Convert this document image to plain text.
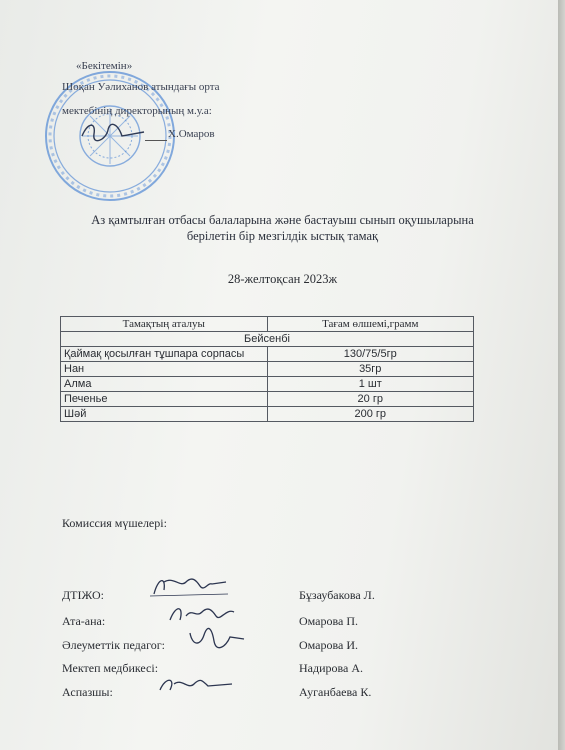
«Бекітемін»
Шоқан Уәлиханов атындағы орта
мектебінің директорының м.у.а:
Х.Омаров
Аз қамтылған отбасы балаларына және бастауыш сынып оқушыларына
берілетін бір мезгілдік ыстық тамақ
28-желтоқсан 2023ж
Тамақтың аталуы	Тағам өлшемі,грамм
Бейсенбі	
Қаймақ қосылған тұшпара сорпасы	130/75/5гр
Нан	35гр
Алма	1 шт
Печенье	20 гр
Шәй	200 гр
Комиссия мүшелері:
ДТІЖО:	Бұзаубакова Л.
Ата-ана:	Омарова П.
Әлеуметтік педагог:	Омарова И.
Мектеп медбикесі:	Надирова А.
Аспазшы:	Ауганбаева К.
